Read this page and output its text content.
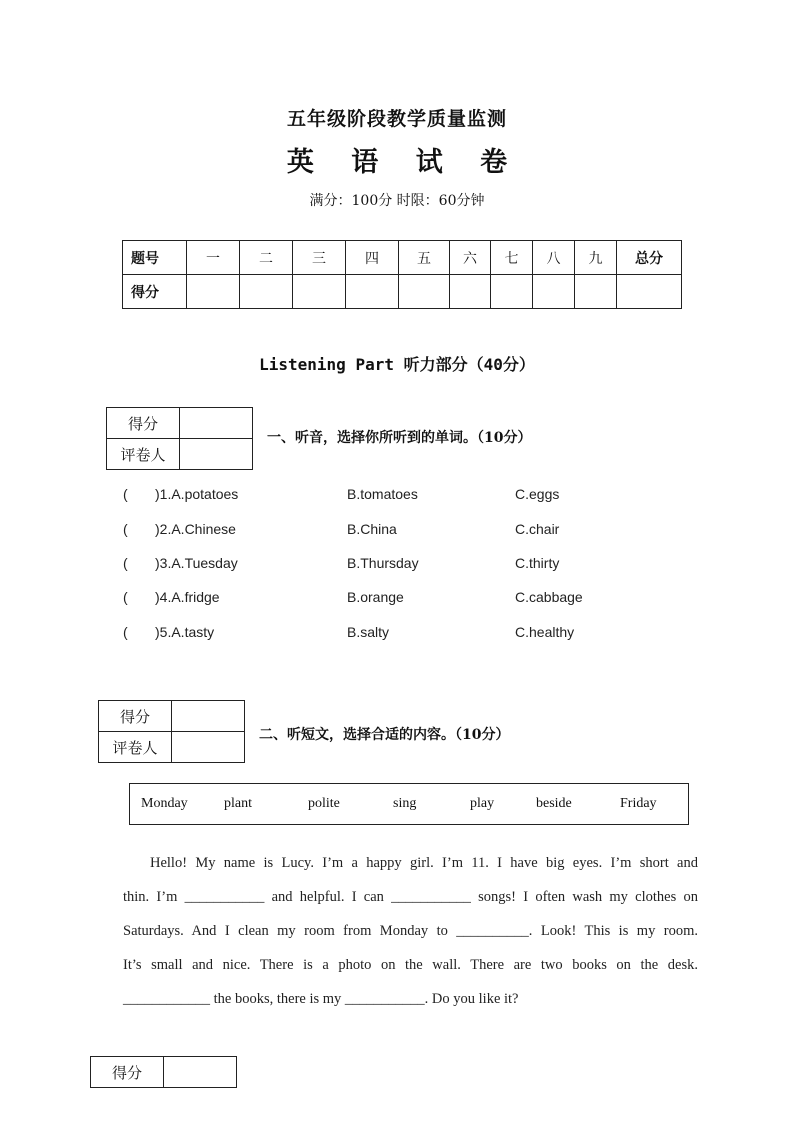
五年级阶段教学质量监测
英 语 试 卷
满分：100分 时限：60分钟
题号	一	二	三	四	五	六	七	八	九	总分
得分										
Listening Part 听力部分（40分）
得分	
评卷人	
一、听音，选择你所听到的单词。（10分）
( )1.A.potatoes	B.tomatoes	C.eggs
( )2.A.Chinese	B.China	C.chair
( )3.A.Tuesday	B.Thursday	C.thirty
( )4.A.fridge	B.orange	C.cabbage
( )5.A.tasty	B.salty	C.healthy
得分	
评卷人	
二、听短文，选择合适的内容。（10分）
Monday	plant	polite	sing	play	beside	Friday
Hello! My name is Lucy. I’m a happy girl. I’m 11. I have big eyes. I’m short and
thin. I’m ___________ and helpful. I can ___________ songs! I often wash my clothes on
Saturdays. And I clean my room from Monday to __________. Look! This is my room.
It’s small and nice. There is a photo on the wall. There are two books on the desk.
____________ the books, there is my ___________. Do you like it?
得分	
